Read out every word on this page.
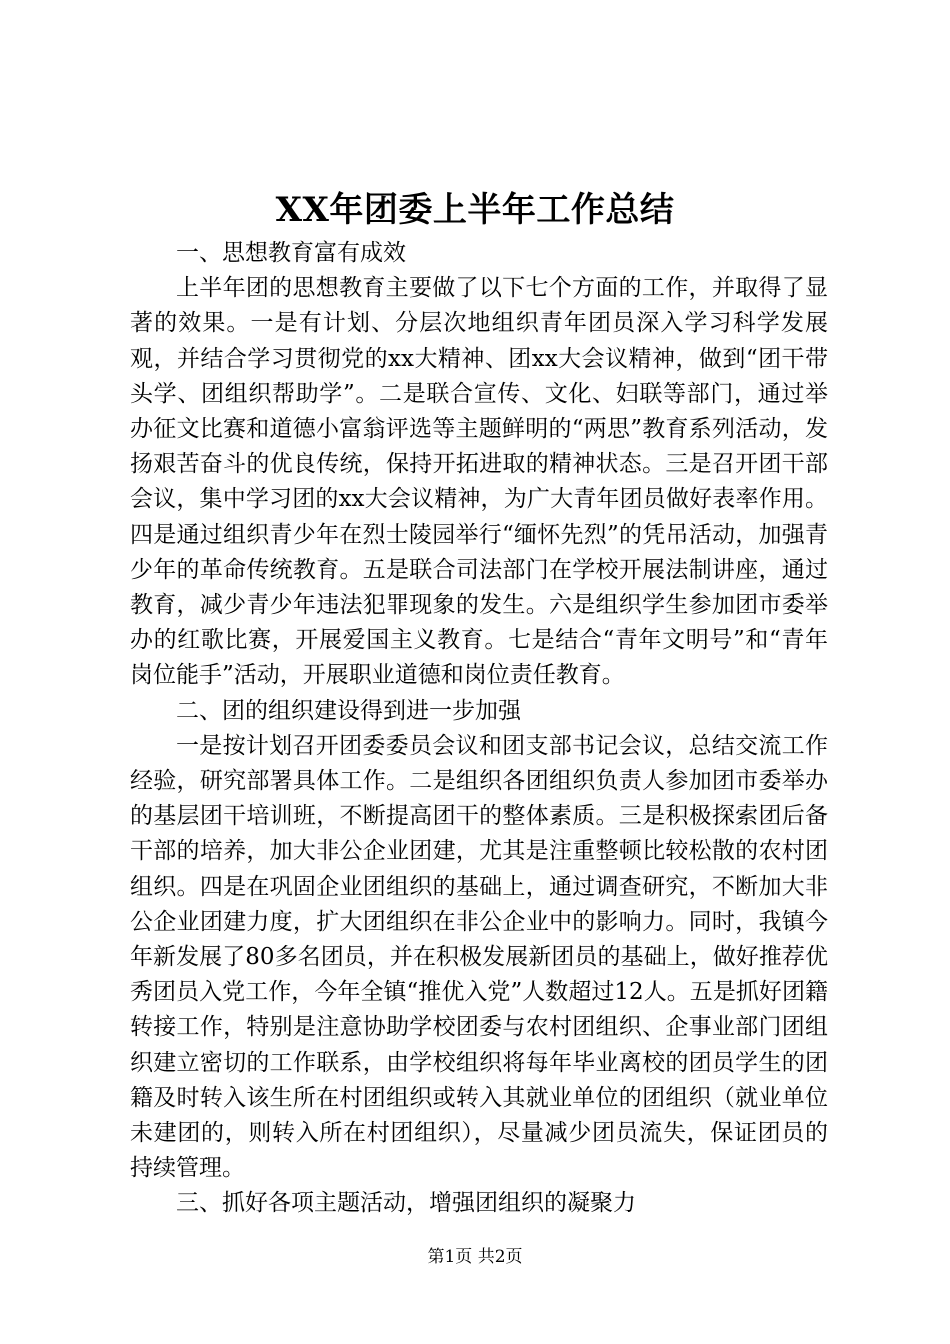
XX年团委上半年工作总结

一、思想教育富有成效

上半年团的思想教育主要做了以下七个方面的工作，并取得了显著的效果。一是有计划、分层次地组织青年团员深入学习科学发展观，并结合学习贯彻党的xx大精神、团xx大会议精神，做到“团干带头学、团组织帮助学”。二是联合宣传、文化、妇联等部门，通过举办征文比赛和道德小富翁评选等主题鲜明的“两思”教育系列活动，发扬艰苦奋斗的优良传统，保持开拓进取的精神状态。三是召开团干部会议，集中学习团的xx大会议精神，为广大青年团员做好表率作用。四是通过组织青少年在烈士陵园举行“缅怀先烈”的凭吊活动，加强青少年的革命传统教育。五是联合司法部门在学校开展法制讲座，通过教育，减少青少年违法犯罪现象的发生。六是组织学生参加团市委举办的红歌比赛，开展爱国主义教育。七是结合“青年文明号”和“青年岗位能手”活动，开展职业道德和岗位责任教育。

二、团的组织建设得到进一步加强

一是按计划召开团委委员会议和团支部书记会议，总结交流工作经验，研究部署具体工作。二是组织各团组织负责人参加团市委举办的基层团干培训班，不断提高团干的整体素质。三是积极探索团后备干部的培养，加大非公企业团建，尤其是注重整顿比较松散的农村团组织。四是在巩固企业团组织的基础上，通过调查研究，不断加大非公企业团建力度，扩大团组织在非公企业中的影响力。同时，我镇今年新发展了80多名团员，并在积极发展新团员的基础上，做好推荐优秀团员入党工作，今年全镇“推优入党”人数超过12人。五是抓好团籍转接工作，特别是注意协助学校团委与农村团组织、企事业部门团组织建立密切的工作联系，由学校组织将每年毕业离校的团员学生的团籍及时转入该生所在村团组织或转入其就业单位的团组织（就业单位未建团的，则转入所在村团组织），尽量减少团员流失，保证团员的持续管理。

三、抓好各项主题活动，增强团组织的凝聚力

第1页 共2页
